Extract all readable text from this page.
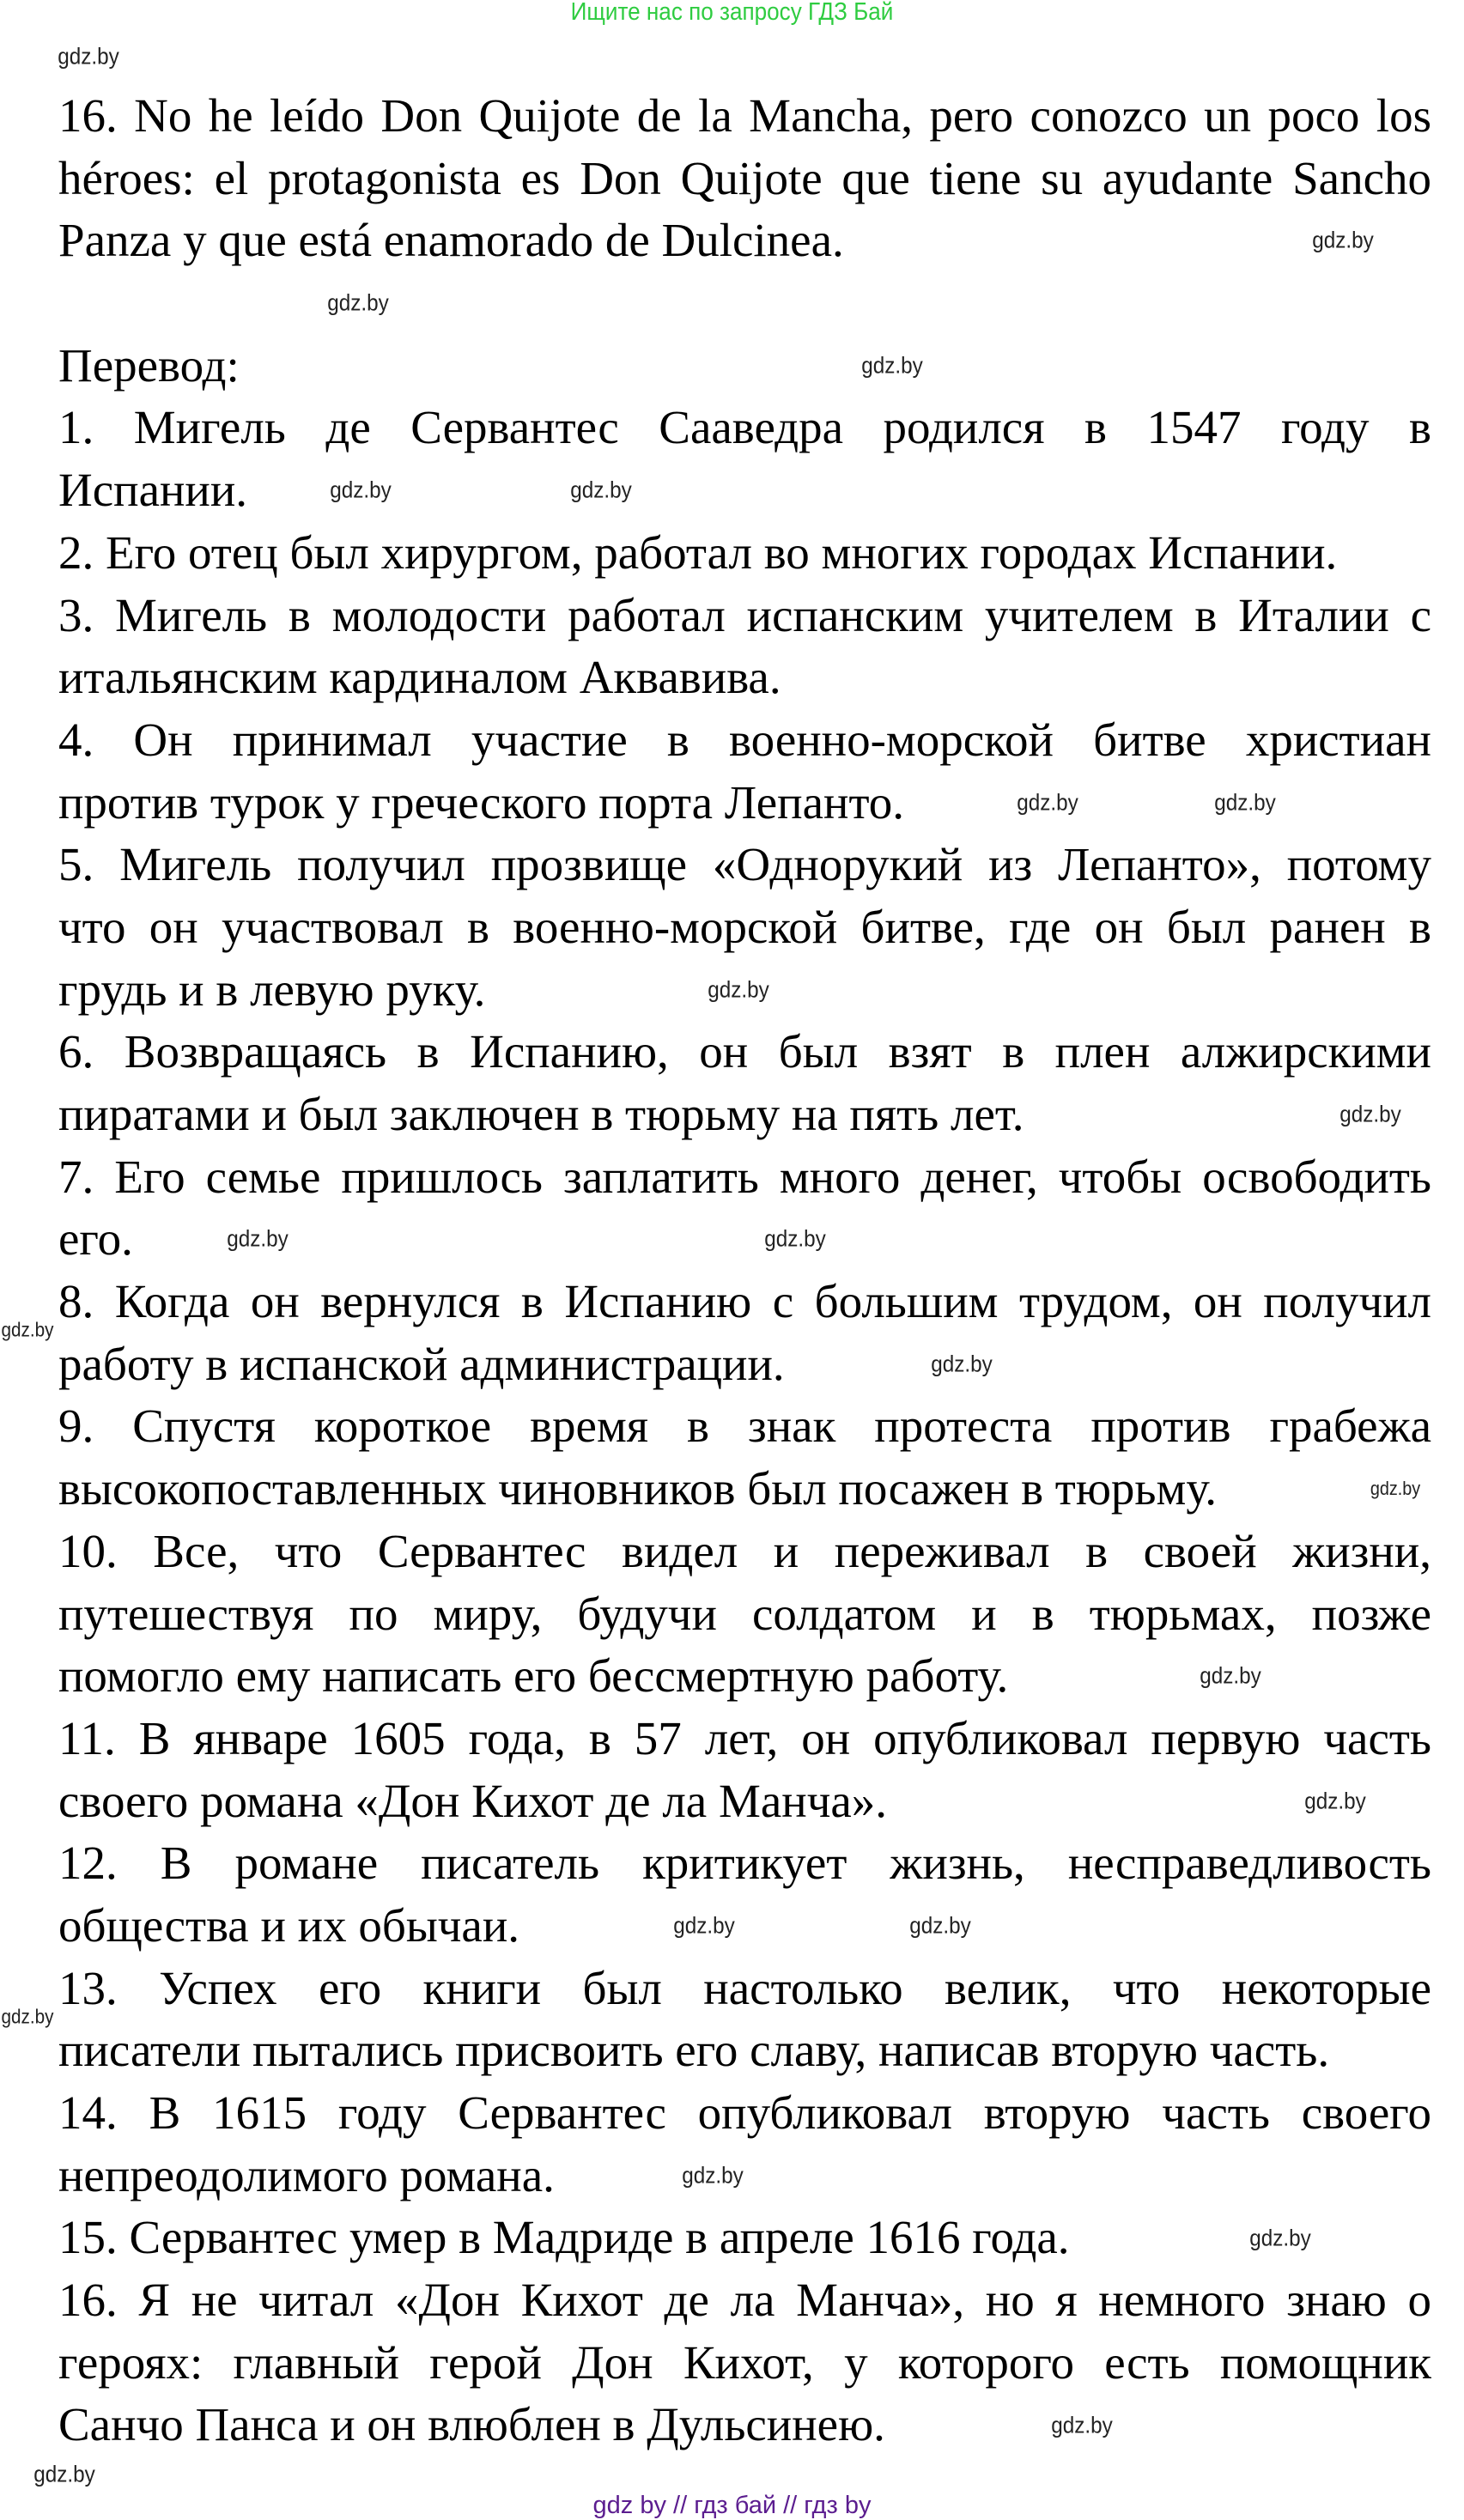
Ищите нас по запросу ГДЗ Бай
16. No he leído Don Quijote de la Mancha, pero conozco un poco los
héroes: el protagonista es Don Quijote que tiene su ayudante Sancho
Panza y que está enamorado de Dulcinea.

Перевод:
1. Мигель де Сервантес Сааведра родился в 1547 году в
Испании.
2. Его отец был хирургом, работал во многих городах Испании.
3. Мигель в молодости работал испанским учителем в Италии с
итальянским кардиналом Аквавива.
4. Он принимал участие в военно-морской битве христиан
против турок у греческого порта Лепанто.
5. Мигель получил прозвище «Однорукий из Лепанто», потому
что он участвовал в военно-морской битве, где он был ранен в
грудь и в левую руку.
6. Возвращаясь в Испанию, он был взят в плен алжирскими
пиратами и был заключен в тюрьму на пять лет.
7. Его семье пришлось заплатить много денег, чтобы освободить
его.
8. Когда он вернулся в Испанию с большим трудом, он получил
работу в испанской администрации.
9. Спустя короткое время в знак протеста против грабежа
высокопоставленных чиновников был посажен в тюрьму.
10. Все, что Сервантес видел и переживал в своей жизни,
путешествуя по миру, будучи солдатом и в тюрьмах, позже
помогло ему написать его бессмертную работу.
11. В январе 1605 года, в 57 лет, он опубликовал первую часть
своего романа «Дон Кихот де ла Манча».
12. В романе писатель критикует жизнь, несправедливость
общества и их обычаи.
13. Успех его книги был настолько велик, что некоторые
писатели пытались присвоить его славу, написав вторую часть.
14. В 1615 году Сервантес опубликовал вторую часть своего
непреодолимого романа.
15. Сервантес умер в Мадриде в апреле 1616 года.
16. Я не читал «Дон Кихот де ла Манча», но я немного знаю о
героях: главный герой Дон Кихот, у которого есть помощник
Санчо Панса и он влюблен в Дульсинею.
gdz.by
gdz.by
gdz.by
gdz.by
gdz.by	gdz.by
gdz.by	gdz.by
gdz.by
gdz.by
gdz.by
gdz.by
gdz.by
gdz.by
gdz.by
gdz.by
gdz.by
gdz.by
gdz.by
gdz.by
gdz.by
gdz.by
gdz.by
gdz.by
gdz by // гдз бай // гдз by
